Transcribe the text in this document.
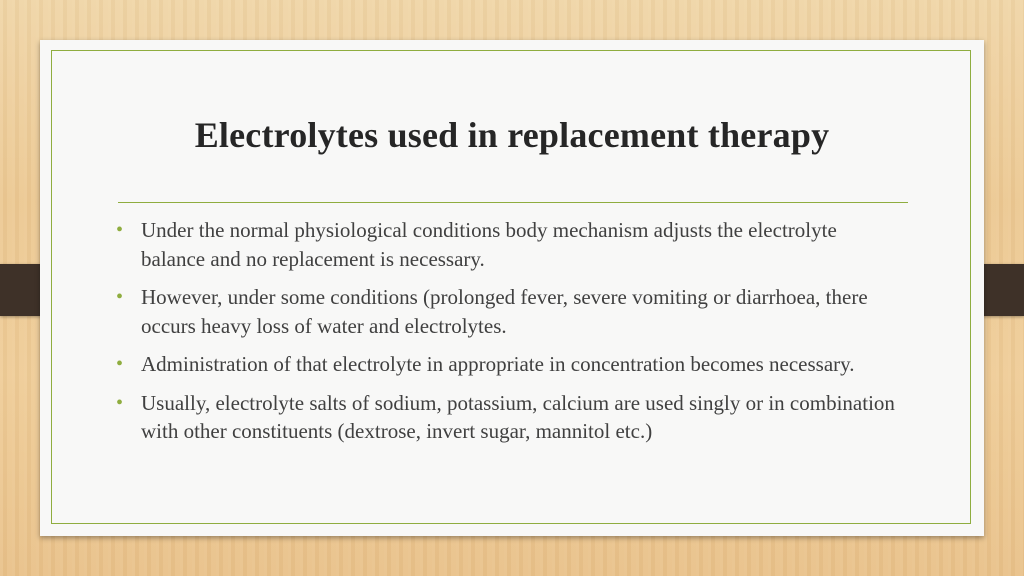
Electrolytes used in replacement therapy
• Under the normal physiological conditions body mechanism adjusts the electrolyte balance and no replacement is necessary.
• However, under some conditions (prolonged fever, severe vomiting or diarrhoea, there occurs heavy loss of water and electrolytes.
• Administration of that electrolyte in appropriate in concentration becomes necessary.
• Usually, electrolyte salts of sodium, potassium, calcium are used singly or in combination with other constituents (dextrose, invert sugar, mannitol etc.)
